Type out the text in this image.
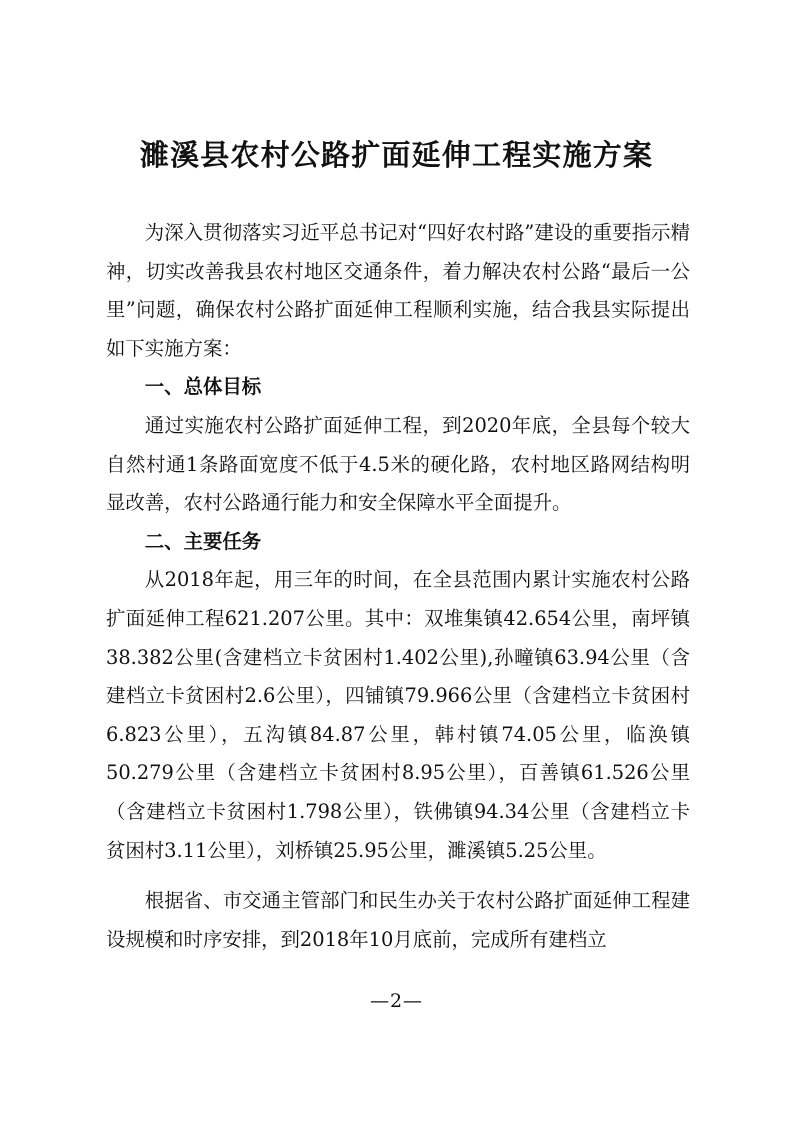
濉溪县农村公路扩面延伸工程实施方案

为深入贯彻落实习近平总书记对“四好农村路”建设的重要指示精神，切实改善我县农村地区交通条件，着力解决农村公路“最后一公里”问题，确保农村公路扩面延伸工程顺利实施，结合我县实际提出如下实施方案：

一、总体目标

通过实施农村公路扩面延伸工程，到2020年底，全县每个较大自然村通1条路面宽度不低于4.5米的硬化路，农村地区路网结构明显改善，农村公路通行能力和安全保障水平全面提升。

二、主要任务

从2018年起，用三年的时间，在全县范围内累计实施农村公路扩面延伸工程621.207公里。其中：双堆集镇42.654公里，南坪镇38.382公里(含建档立卡贫困村1.402公里),孙疃镇63.94公里（含建档立卡贫困村2.6公里），四铺镇79.966公里（含建档立卡贫困村6.823公里），五沟镇84.87公里，韩村镇74.05公里，临涣镇50.279公里（含建档立卡贫困村8.95公里），百善镇61.526公里（含建档立卡贫困村1.798公里），铁佛镇94.34公里（含建档立卡贫困村3.11公里），刘桥镇25.95公里，濉溪镇5.25公里。

根据省、市交通主管部门和民生办关于农村公路扩面延伸工程建设规模和时序安排，到2018年10月底前，完成所有建档立

—2—
